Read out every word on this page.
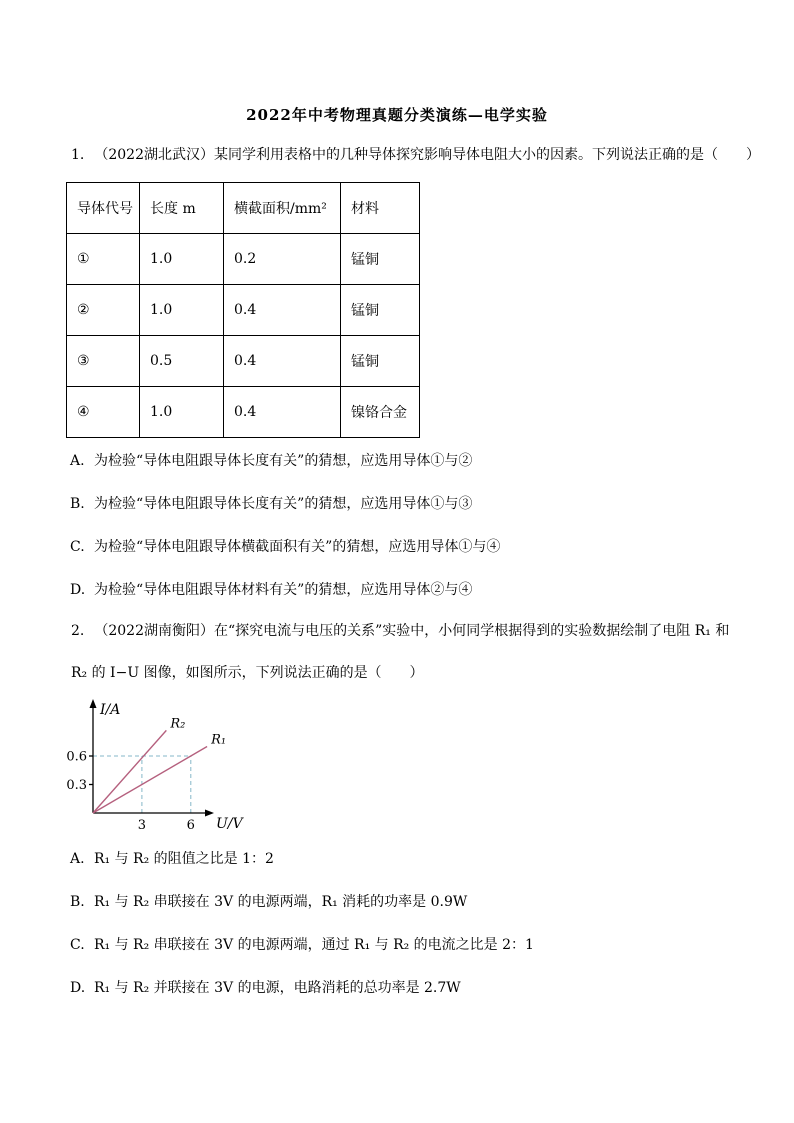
2022年中考物理真题分类演练—电学实验
1. （2022湖北武汉）某同学利用表格中的几种导体探究影响导体电阻大小的因素。下列说法正确的是（　　）
导体代号	长度 m	横截面积/mm²	材料
①	1.0	0.2	锰铜
②	1.0	0.4	锰铜
③	0.5	0.4	锰铜
④	1.0	0.4	镍铬合金
A. 为检验“导体电阻跟导体长度有关”的猜想，应选用导体①与②
B. 为检验“导体电阻跟导体长度有关”的猜想，应选用导体①与③
C. 为检验“导体电阻跟导体横截面积有关”的猜想，应选用导体①与④
D. 为检验“导体电阻跟导体材料有关”的猜想，应选用导体②与④
2. （2022湖南衡阳）在“探究电流与电压的关系”实验中，小何同学根据得到的实验数据绘制了电阻 R₁ 和
R₂ 的 I−U 图像，如图所示，下列说法正确的是（　　）
I/A
U/V
0.3
0.6
3	6
R₂
R₁
A. R₁ 与 R₂ 的阻值之比是 1：2
B. R₁ 与 R₂ 串联接在 3V 的电源两端，R₁ 消耗的功率是 0.9W
C. R₁ 与 R₂ 串联接在 3V 的电源两端，通过 R₁ 与 R₂ 的电流之比是 2：1
D. R₁ 与 R₂ 并联接在 3V 的电源，电路消耗的总功率是 2.7W
